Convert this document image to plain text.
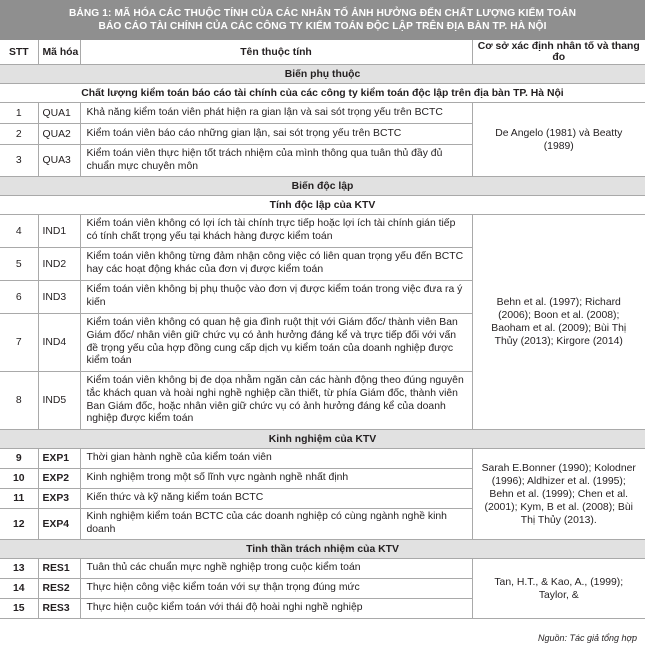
BẢNG 1: MÃ HÓA CÁC THUỘC TÍNH CỦA CÁC NHÂN TỐ ẢNH HƯỞNG ĐẾN CHẤT LƯỢNG KIỂM TOÁN
BÁO CÁO TÀI CHÍNH CỦA CÁC CÔNG TY KIỂM TOÁN ĐỘC LẬP TRÊN ĐỊA BÀN TP. HÀ NỘI
STT	Mã hóa	Tên thuộc tính	Cơ sở xác định nhân tố và thang đo
Biến phụ thuộc			
Chất lượng kiểm toán báo cáo tài chính của các công ty kiểm toán độc lập trên địa bàn TP. Hà Nội			
1	QUA1	Khả năng kiểm toán viên phát hiện ra gian lận và sai sót trọng yếu trên BCTC	De Angelo (1981) và Beatty (1989)
2	QUA2	Kiểm toán viên báo cáo những gian lận, sai sót trọng yếu trên BCTC	
3	QUA3	Kiểm toán viên thực hiện tốt trách nhiệm của mình thông qua tuân thủ đầy đủ chuẩn mực chuyên môn	
Biến độc lập			
Tính độc lập của KTV			
4	IND1	Kiểm toán viên không có lợi ích tài chính trực tiếp hoặc lợi ích tài chính gián tiếp có tính chất trọng yếu tại khách hàng được kiểm toán	Behn et al. (1997); Richard (2006); Boon et al. (2008); Baoham et al. (2009); Bùi Thị Thủy (2013); Kirgore (2014)
5	IND2	Kiểm toán viên không từng đảm nhận công việc có liên quan trọng yếu đến BCTC hay các hoạt động khác của đơn vị được kiểm toán	
6	IND3	Kiểm toán viên không bị phụ thuộc vào đơn vị được kiểm toán trong việc đưa ra ý kiến	
7	IND4	Kiểm toán viên không có quan hệ gia đình ruột thịt với Giám đốc/ thành viên Ban Giám đốc/ nhân viên giữ chức vụ có ảnh hưởng đáng kể và trực tiếp đối với vấn đề trọng yếu của hợp đồng cung cấp dịch vụ kiểm toán của doanh nghiệp được kiểm toán	
8	IND5	Kiểm toán viên không bị đe dọa nhằm ngăn cản các hành động theo đúng nguyên tắc khách quan và hoài nghi nghề nghiệp cần thiết, từ phía Giám đốc, thành viên Ban Giám đốc, hoặc nhân viên giữ chức vụ có ảnh hưởng đáng kể của doanh nghiệp được kiểm toán	
Kinh nghiệm của KTV			
9	EXP1	Thời gian hành nghề của kiểm toán viên	Sarah E.Bonner (1990); Kolodner (1996); Aldhizer et al. (1995); Behn et al. (1999); Chen et al. (2001); Kym, B et al. (2008); Bùi Thị Thủy (2013).
10	EXP2	Kinh nghiệm trong một số lĩnh vực ngành nghề nhất định	
11	EXP3	Kiến thức và kỹ năng kiểm toán BCTC	
12	EXP4	Kinh nghiệm kiểm toán BCTC của các doanh nghiệp có cùng ngành nghề kinh doanh	
Tinh thần trách nhiệm của KTV			
13	RES1	Tuân thủ các chuẩn mực nghề nghiệp trong cuộc kiểm toán	Tan, H.T., & Kao, A., (1999); Taylor, &
14	RES2	Thực hiện công việc kiểm toán với sự thận trọng đúng mức	
15	RES3	Thực hiện cuộc kiểm toán với thái độ hoài nghi nghề nghiệp	
Nguồn: Tác giả tổng hợp
